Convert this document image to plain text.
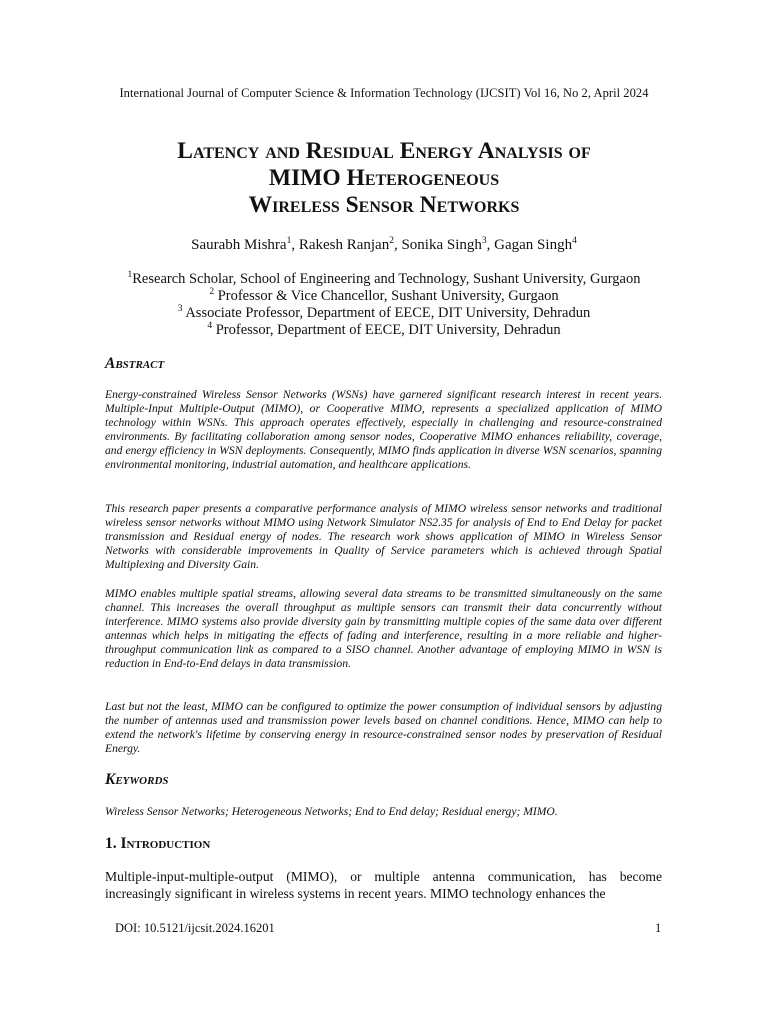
International Journal of Computer Science & Information Technology (IJCSIT) Vol 16, No 2, April 2024
Latency and Residual Energy Analysis of
MIMO Heterogeneous
Wireless Sensor Networks
Saurabh Mishra$^1$, Rakesh Ranjan$^2$, Sonika Singh$^3$, Gagan Singh$^4$
$^1$Research Scholar, School of Engineering and Technology, Sushant University, Gurgaon
$^2$ Professor & Vice Chancellor, Sushant University, Gurgaon
$^3$ Associate Professor, Department of EECE, DIT University, Dehradun
$^4$ Professor, Department of EECE, DIT University, Dehradun
Abstract
Energy-constrained Wireless Sensor Networks (WSNs) have garnered significant research interest in recent years. Multiple-Input Multiple-Output (MIMO), or Cooperative MIMO, represents a specialized application of MIMO technology within WSNs. This approach operates effectively, especially in challenging and resource-constrained environments. By facilitating collaboration among sensor nodes, Cooperative MIMO enhances reliability, coverage, and energy efficiency in WSN deployments. Consequently, MIMO finds application in diverse WSN scenarios, spanning environmental monitoring, industrial automation, and healthcare applications.
This research paper presents a comparative performance analysis of MIMO wireless sensor networks and traditional wireless sensor networks without MIMO using Network Simulator NS2.35 for analysis of End to End Delay for packet transmission and Residual energy of nodes. The research work shows application of MIMO in Wireless Sensor Networks with considerable improvements in Quality of Service parameters which is achieved through Spatial Multiplexing and Diversity Gain.
MIMO enables multiple spatial streams, allowing several data streams to be transmitted simultaneously on the same channel. This increases the overall throughput as multiple sensors can transmit their data concurrently without interference. MIMO systems also provide diversity gain by transmitting multiple copies of the same data over different antennas which helps in mitigating the effects of fading and interference, resulting in a more reliable and higher-throughput communication link as compared to a SISO channel. Another advantage of employing MIMO in WSN is reduction in End-to-End delays in data transmission.
Last but not the least, MIMO can be configured to optimize the power consumption of individual sensors by adjusting the number of antennas used and transmission power levels based on channel conditions. Hence, MIMO can help to extend the network's lifetime by conserving energy in resource-constrained sensor nodes by preservation of Residual Energy.
Keywords
Wireless Sensor Networks; Heterogeneous Networks; End to End delay; Residual energy; MIMO.
1. Introduction
Multiple-input-multiple-output (MIMO), or multiple antenna communication, has become increasingly significant in wireless systems in recent years. MIMO technology enhances the
DOI: 10.5121/ijcsit.2024.16201	1
